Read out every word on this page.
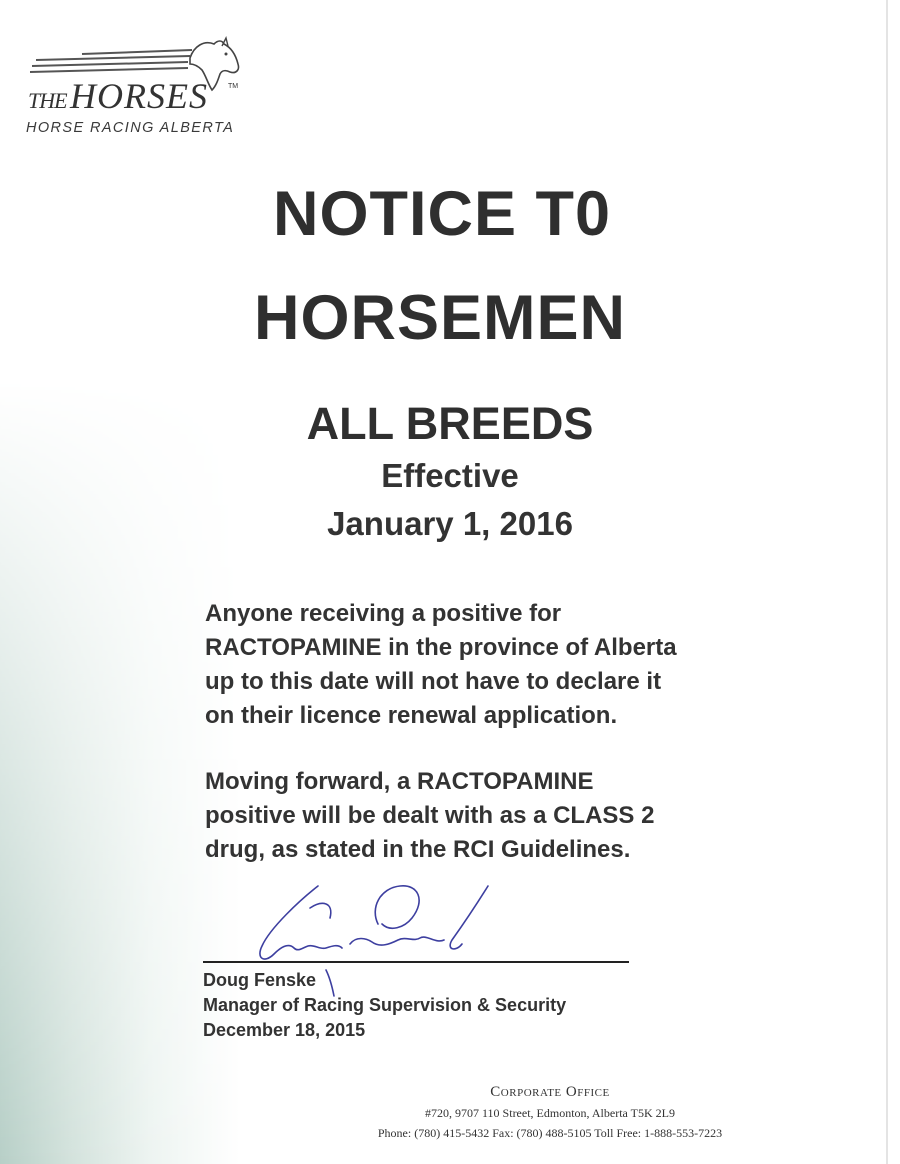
THE HORSES	TM
HORSE RACING ALBERTA
NOTICE T0
HORSEMEN
ALL BREEDS
Effective
January 1, 2016
Anyone receiving a positive for
RACTOPAMINE in the province of Alberta
up to this date will not have to declare it
on their licence renewal application.
Moving forward, a RACTOPAMINE
positive will be dealt with as a CLASS 2
drug, as stated in the RCI Guidelines.
Doug Fenske
Manager of Racing Supervision & Security
December 18, 2015
Corporate Office
#720, 9707 110 Street, Edmonton, Alberta T5K 2L9
Phone: (780) 415-5432 Fax: (780) 488-5105 Toll Free: 1-888-553-7223
